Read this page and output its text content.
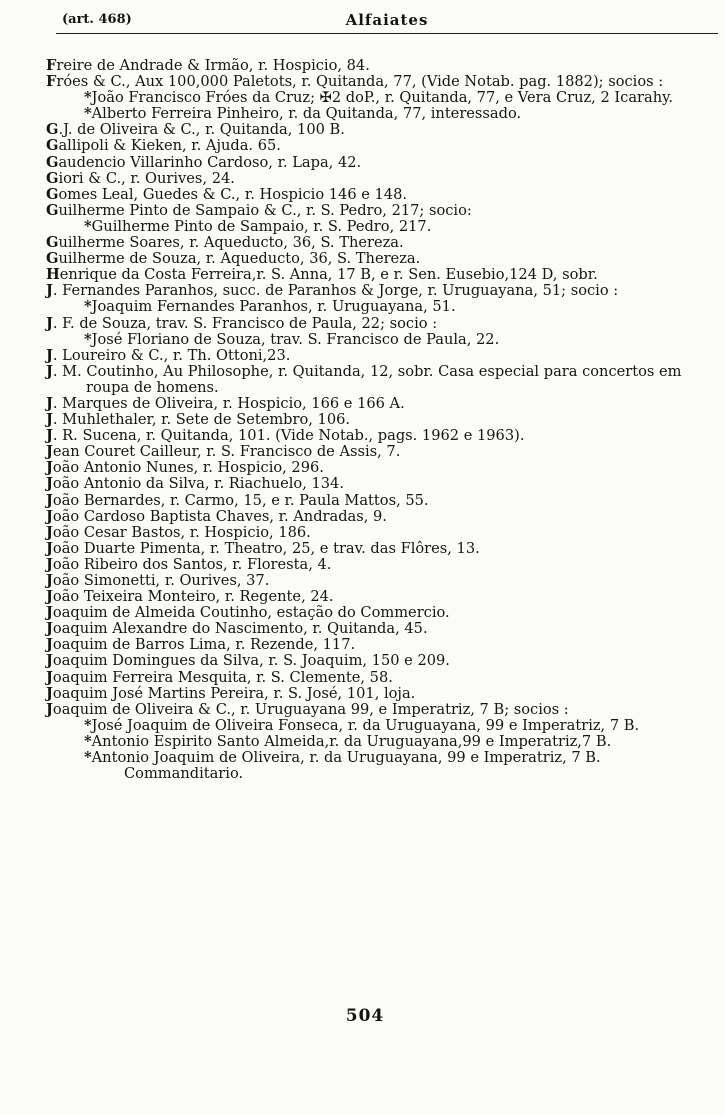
(art. 468)	Alfaiates

Freire de Andrade & Irmão, r. Hospicio, 84.

Fróes & C., Aux 100,000 Paletots, r. Quitanda, 77, (Vide Notab. pag. 1882); socios :

*João Francisco Fróes da Cruz; ✠2 doP., r. Quitanda, 77, e Vera Cruz, 2 Icarahy.

*Alberto Ferreira Pinheiro, r. da Quitanda, 77, interessado.

G.J. de Oliveira & C., r. Quitanda, 100 B.

Gallipoli & Kieken, r. Ajuda. 65.

Gaudencio Villarinho Cardoso, r. Lapa, 42.

Giori & C., r. Ourives, 24.

Gomes Leal, Guedes & C., r. Hospicio 146 e 148.

Guilherme Pinto de Sampaio & C., r. S. Pedro, 217; socio:

*Guilherme Pinto de Sampaio, r. S. Pedro, 217.

Guilherme Soares, r. Aqueducto, 36, S. Thereza.

Guilherme de Souza, r. Aqueducto, 36, S. Thereza.

Henrique da Costa Ferreira,r. S. Anna, 17 B, e r. Sen. Eusebio,124 D, sobr.

J. Fernandes Paranhos, succ. de Paranhos & Jorge, r. Uruguayana, 51; socio :

*Joaquim Fernandes Paranhos, r. Uruguayana, 51.

J. F. de Souza, trav. S. Francisco de Paula, 22; socio :

*José Floriano de Souza, trav. S. Francisco de Paula, 22.

J. Loureiro & C., r. Th. Ottoni,23.

J. M. Coutinho, Au Philosophe, r. Quitanda, 12, sobr. Casa especial para concertos em roupa de homens.

J. Marques de Oliveira, r. Hospicio, 166 e 166 A.

J. Muhlethaler, r. Sete de Setembro, 106.

J. R. Sucena, r. Quitanda, 101. (Vide Notab., pags. 1962 e 1963).

Jean Couret Cailleur, r. S. Francisco de Assis, 7.

João Antonio Nunes, r. Hospicio, 296.

João Antonio da Silva, r. Riachuelo, 134.

João Bernardes, r. Carmo, 15, e r. Paula Mattos, 55.

João Cardoso Baptista Chaves, r. Andradas, 9.

João Cesar Bastos, r. Hospicio, 186.

João Duarte Pimenta, r. Theatro, 25, e trav. das Flôres, 13.

João Ribeiro dos Santos, r. Floresta, 4.

João Simonetti, r. Ourives, 37.

João Teixeira Monteiro, r. Regente, 24.

Joaquim de Almeida Coutinho, estação do Commercio.

Joaquim Alexandre do Nascimento, r. Quitanda, 45.

Joaquim de Barros Lima, r. Rezende, 117.

Joaquim Domingues da Silva, r. S. Joaquim, 150 e 209.

Joaquim Ferreira Mesquita, r. S. Clemente, 58.

Joaquim José Martins Pereira, r. S. José, 101, loja.

Joaquim de Oliveira & C., r. Uruguayana 99, e Imperatriz, 7 B; socios :

*José Joaquim de Oliveira Fonseca, r. da Uruguayana, 99 e Imperatriz, 7 B.

*Antonio Espirito Santo Almeida,r. da Uruguayana,99 e Imperatriz,7 B.

*Antonio Joaquim de Oliveira, r. da Uruguayana, 99 e Imperatriz, 7 B. Commanditario.

504
